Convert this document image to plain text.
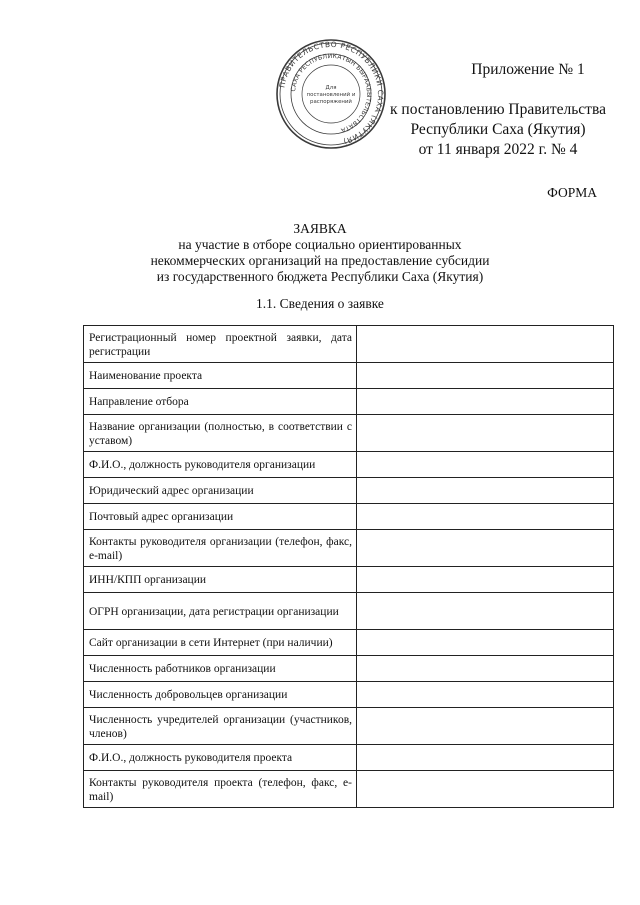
ПРАВИТЕЛЬСТВО РЕСПУБЛИКИ САХА (ЯКУТИЯ)
САХА РЕСПУБЛИКАТЫН БЫРААБЫТЕЛЬСТВАТА
Для
постановлений и
распоряжений
Приложение № 1
к постановлению Правительства
Республики Саха (Якутия)
от 11 января 2022 г. № 4
ФОРМА
ЗАЯВКА
на участие в отборе социально ориентированных
некоммерческих организаций на предоставление субсидии
из государственного бюджета Республики Саха (Якутия)
1.1. Сведения о заявке
Регистрационный номер проектной заявки, дата регистрации	
Наименование проекта	
Направление отбора	
Название организации (полностью, в соответствии с уставом)	
Ф.И.О., должность руководителя организации	
Юридический адрес организации	
Почтовый адрес организации	
Контакты руководителя организации (телефон, факс, e-mail)	
ИНН/КПП организации	
ОГРН организации, дата регистрации организации	
Сайт организации в сети Интернет (при наличии)	
Численность работников организации	
Численность добровольцев организации	
Численность учредителей организации (участников, членов)	
Ф.И.О., должность руководителя проекта	
Контакты руководителя проекта (телефон, факс, e-mail)	
